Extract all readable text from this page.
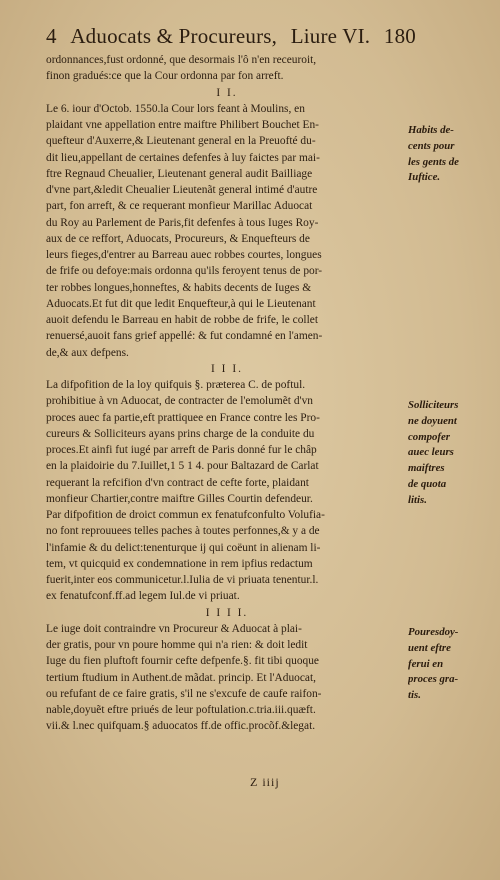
4 Aduocats & Procureurs, Liure VI. 180
ordonnances,fust ordonné, que desormais l'ô n'en receuroit,
finon gradués:ce que la Cour ordonna par fon arreft.
I I.
Le 6. iour d'Octob. 1550.la Cour lors feant à Moulins, en
plaidant vne appellation entre maiftre Philibert Bouchet En-
quefteur d'Auxerre,& Lieutenant general en la Preuofté du-
dit lieu,appellant de certaines defenfes à luy faictes par mai-
ftre Regnaud Cheualier, Lieutenant general audit Bailliage
d'vne part,&ledit Cheualier Lieutenãt general intimé d'autre
part, fon arreft, & ce requerant monfieur Marillac Aduocat
du Roy au Parlement de Paris,fit defenfes à tous Iuges Roy-
aux de ce reffort, Aduocats, Procureurs, & Enquefteurs de
leurs fieges,d'entrer au Barreau auec robbes courtes, longues
de frife ou defoye:mais ordonna qu'ils feroyent tenus de por-
ter robbes longues,honneftes, & habits decents de Iuges &
Aduocats.Et fut dit que ledit Enquefteur,à qui le Lieutenant
auoit defendu le Barreau en habit de robbe de frife, le collet
renuersé,auoit fans grief appellé: & fut condamné en l'amen-
de,& aux defpens.
I I I.
La difpofition de la loy quifquis §. præterea C. de poftul.
prohibitiue à vn Aduocat, de contracter de l'emolumẽt d'vn
proces auec fa partie,eft prattiquee en France contre les Pro-
cureurs & Solliciteurs ayans prins charge de la conduite du
proces.Et ainfi fut iugé par arreft de Paris donné fur le châp
en la plaidoirie du 7.Iuillet,1 5 1 4. pour Baltazard de Carlat
requerant la refcifion d'vn contract de cefte forte, plaidant
monfieur Chartier,contre maiftre Gilles Courtin defendeur.
Par difpofition de droict commun ex fenatufconfulto Volufia-
no font reprouuees telles paches à toutes perfonnes,& y a de
l'infamie & du delict:tenenturque ij qui coëunt in alienam li-
tem, vt quicquid ex condemnatione in rem ipfius redactum
fuerit,inter eos communicetur.l.Iulia de vi priuata tenentur.l.
ex fenatufconf.ff.ad legem Iul.de vi priuat.
I I I I.
Le iuge doit contraindre vn Procureur & Aduocat à plai-
der gratis, pour vn poure homme qui n'a rien: & doit ledit
Iuge du fien pluftoft fournir cefte defpenfe.§. fit tibi quoque
tertium ftudium in Authent.de mãdat. princip. Et l'Aduocat,
ou refufant de ce faire gratis, s'il ne s'excufe de caufe raifon-
nable,doyuẽt eftre priués de leur poftulation.c.tria.iii.quæft.
vii.& l.nec quifquam.§ aduocatos ff.de offic.procõf.&legat.
Habits de-
cents pour
les gents de
Iuftice.
Solliciteurs
ne doyuent
compofer
auec leurs
maiftres
de quota
litis.
Pouresdoy-
uent eftre
ferui en
proces gra-
tis.
Z iiij
